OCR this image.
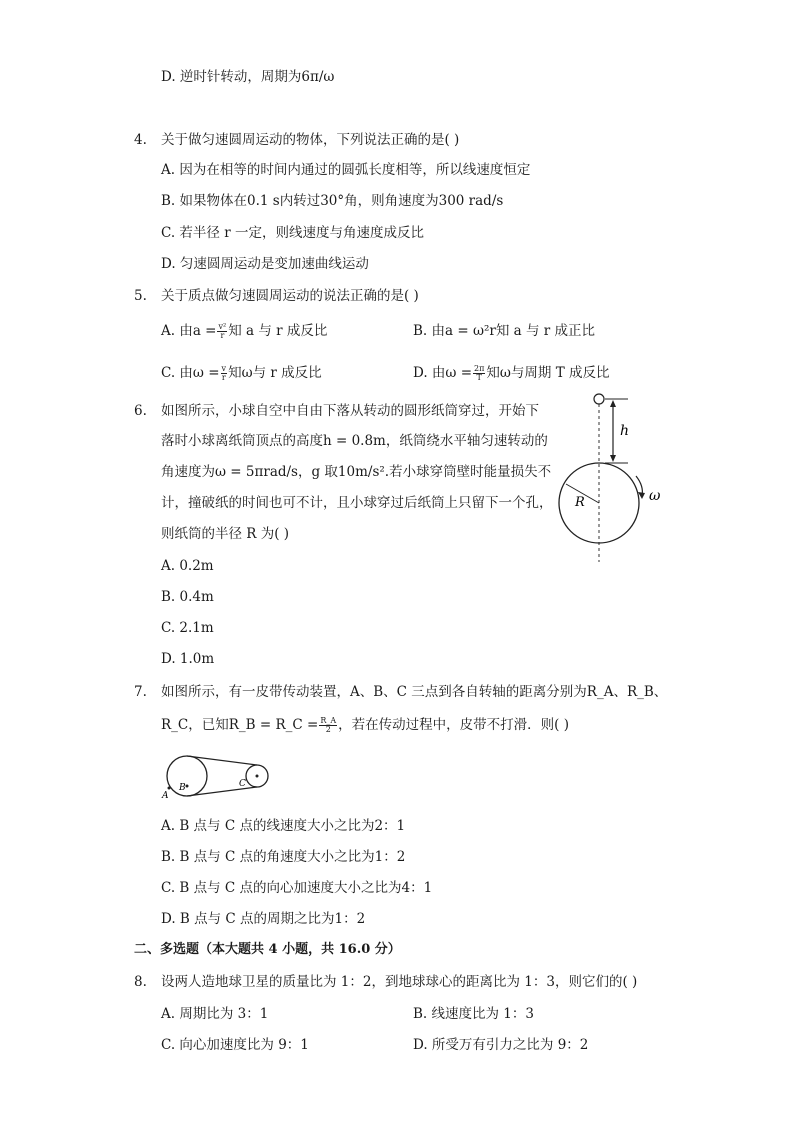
D. 逆时针转动，周期为6π/ω
4. 关于做匀速圆周运动的物体，下列说法正确的是( )
A. 因为在相等的时间内通过的圆弧长度相等，所以线速度恒定
B. 如果物体在0.1 s内转过30°角，则角速度为300 rad/s
C. 若半径 r 一定，则线速度与角速度成反比
D. 匀速圆周运动是变加速曲线运动
5. 关于质点做匀速圆周运动的说法正确的是( )
A. 由$a = \frac{\text{v²}}{r}$ 知 a 与 r 成反比	B. 由a = ω²r知 a 与 r 成正比
C. 由$\omega = \frac{v}{r}$ 知ω与 r 成反比	D. 由$\omega = \frac{2\pi}{T}$ 知ω与周期 T 成反比
6. 如图所示，小球自空中自由下落从转动的圆形纸筒穿过，开始下
落时小球离纸筒顶点的高度h = 0.8m，纸筒绕水平轴匀速转动的
角速度为ω = 5πrad/s，g 取10m/s².若小球穿筒壁时能量损失不
计，撞破纸的时间也可不计，且小球穿过后纸筒上只留下一个孔，
则纸筒的半径 R 为( )
A. 0.2m
B. 0.4m
C. 2.1m
D. 1.0m
h
R	ω
7. 如图所示，有一皮带传动装置，A、B、C 三点到各自转轴的距离分别为R_A、R_B、
R_C，已知R_B = R_C = $\frac{R\_A}{2}$ ，若在传动过程中，皮带不打滑．则( )
A
B	C
A. B 点与 C 点的线速度大小之比为2：1
B. B 点与 C 点的角速度大小之比为1：2
C. B 点与 C 点的向心加速度大小之比为4：1
D. B 点与 C 点的周期之比为1：2
二、多选题（本大题共 4 小题，共 16.0 分）
8. 设两人造地球卫星的质量比为 1：2，到地球球心的距离比为 1：3，则它们的( )
A. 周期比为 3：1	B. 线速度比为 1：3
C. 向心加速度比为 9：1	D. 所受万有引力之比为 9：2
